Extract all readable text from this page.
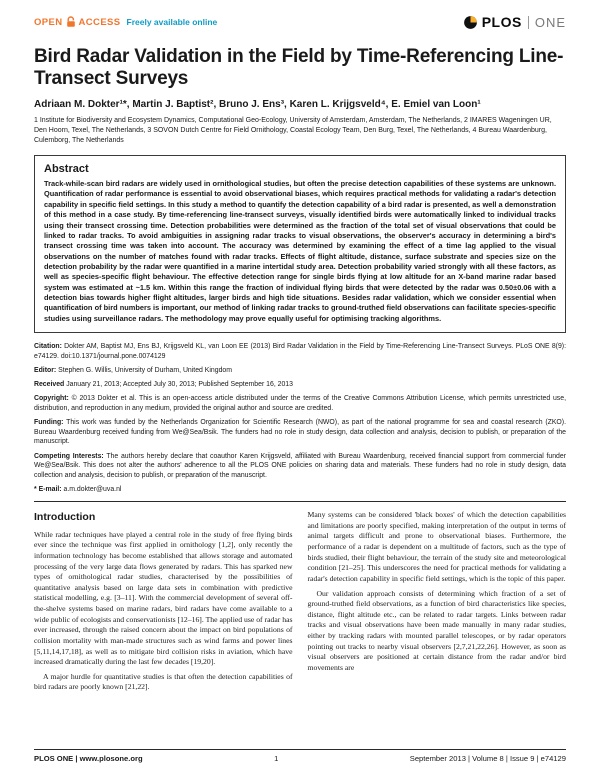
OPEN ACCESS Freely available online	PLOS ONE
Bird Radar Validation in the Field by Time-Referencing Line-Transect Surveys

Adriaan M. Dokter¹*, Martin J. Baptist², Bruno J. Ens³, Karen L. Krijgsveld⁴, E. Emiel van Loon¹

1 Institute for Biodiversity and Ecosystem Dynamics, Computational Geo-Ecology, University of Amsterdam, Amsterdam, The Netherlands, 2 IMARES Wageningen UR, Den Hoorn, Texel, The Netherlands, 3 SOVON Dutch Centre for Field Ornithology, Coastal Ecology Team, Den Burg, Texel, The Netherlands, 4 Bureau Waardenburg, Culemborg, The Netherlands

Abstract

Track-while-scan bird radars are widely used in ornithological studies, but often the precise detection capabilities of these systems are unknown. Quantification of radar performance is essential to avoid observational biases, which requires practical methods for validating a radar's detection capability in specific field settings. In this study a method to quantify the detection capability of a bird radar is presented, as well a demonstration of this method in a case study. By time-referencing line-transect surveys, visually identified birds were automatically linked to individual tracks using their transect crossing time. Detection probabilities were determined as the fraction of the total set of visual observations that could be linked to radar tracks. To avoid ambiguities in assigning radar tracks to visual observations, the observer's accuracy in determining a bird's transect crossing time was taken into account. The accuracy was determined by examining the effect of a time lag applied to the visual observations on the number of matches found with radar tracks. Effects of flight altitude, distance, surface substrate and species size on the detection probability by the radar were quantified in a marine intertidal study area. Detection probability varied strongly with all these factors, as well as species-specific flight behaviour. The effective detection range for single birds flying at low altitude for an X-band marine radar based system was estimated at ~1.5 km. Within this range the fraction of individual flying birds that were detected by the radar was 0.50±0.06 with a detection bias towards higher flight altitudes, larger birds and high tide situations. Besides radar validation, which we consider essential when quantification of bird numbers is important, our method of linking radar tracks to ground-truthed field observations can facilitate species-specific studies using surveillance radars. The methodology may prove equally useful for optimising tracking algorithms.

Citation: Dokter AM, Baptist MJ, Ens BJ, Krijgsveld KL, van Loon EE (2013) Bird Radar Validation in the Field by Time-Referencing Line-Transect Surveys. PLoS ONE 8(9): e74129. doi:10.1371/journal.pone.0074129

Editor: Stephen G. Willis, University of Durham, United Kingdom

Received January 21, 2013; Accepted July 30, 2013; Published September 16, 2013

Copyright: © 2013 Dokter et al. This is an open-access article distributed under the terms of the Creative Commons Attribution License, which permits unrestricted use, distribution, and reproduction in any medium, provided the original author and source are credited.

Funding: This work was funded by the Netherlands Organization for Scientific Research (NWO), as part of the national programme for sea and coastal research (ZKO). Bureau Waardenburg received funding from We@Sea/Bsik. The funders had no role in study design, data collection and analysis, decision to publish, or preparation of the manuscript.

Competing Interests: The authors hereby declare that coauthor Karen Krijgsveld, affiliated with Bureau Waardenburg, received financial support from commercial funder We@Sea/Bsik. This does not alter the authors' adherence to all the PLOS ONE policies on sharing data and materials. These funders had no role in study design, data collection and analysis, decision to publish, or preparation of the manuscript.

* E-mail: a.m.dokter@uva.nl

Introduction

While radar techniques have played a central role in the study of free flying birds ever since the technique was first applied in ornithology [1,2], only recently the information technology has become established that allows storage and automated processing of the very large data flows generated by radars. This has sparked new types of ornithological radar studies, characterised by the possibilities of quantitative analysis based on large data sets in combination with predictive statistical modelling, e.g. [3–11]. With the commercial development of several off-the-shelve systems based on marine radars, bird radars have come available to a wide public of ecologists and conservationists [12–16]. The applied use of radar has ever increased, through the raised concern about the impact on bird populations of collision mortality with man-made structures such as wind farms and power lines [5,11,14,17,18], as well as to mitigate bird collision risks in aviation, which have increased dramatically during the last few decades [19,20].

A major hurdle for quantitative studies is that often the detection capabilities of bird radars are poorly known [21,22].

Many systems can be considered 'black boxes' of which the detection capabilities and limitations are poorly specified, making interpretation of the output in terms of animal targets difficult and prone to observational biases. Furthermore, the performance of a radar is dependent on a multitude of factors, such as the type of birds studied, their flight behaviour, the terrain of the study site and meteorological condition [21–25]. This underscores the need for practical methods for validating a radar's detection capability in specific field settings, which is the topic of this paper.

Our validation approach consists of determining which fraction of a set of ground-truthed field observations, as a function of bird characteristics like species, distance, flight altitude etc., can be related to radar targets. Links between radar tracks and visual observations have been made manually in many radar studies, either by tracking radars with mounted parallel telescopes, or by radar operators pointing out tracks to nearby visual observers [2,7,21,22,26]. However, as soon as visual observers are positioned at certain distance from the radar and/or bird movements are

PLOS ONE | www.plosone.org	1	September 2013 | Volume 8 | Issue 9 | e74129
